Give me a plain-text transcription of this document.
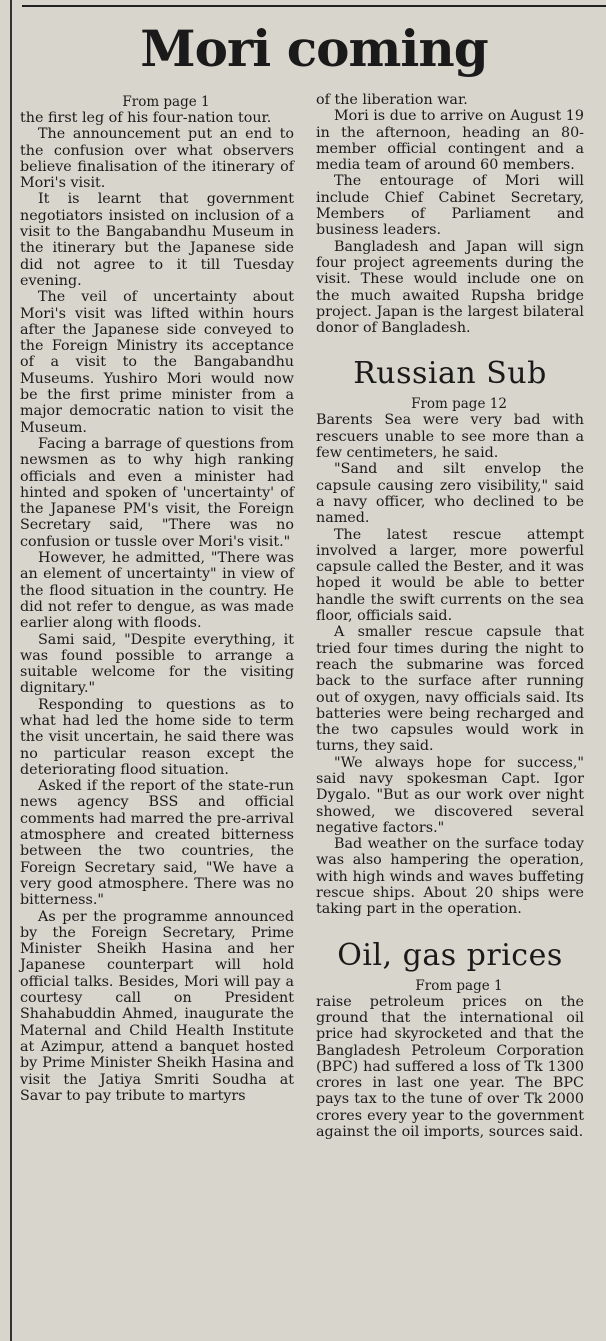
Mori coming

From page 1

the first leg of his four-nation tour.

The announcement put an end to the confusion over what observers believe finalisation of the itinerary of Mori's visit.

It is learnt that government negotiators insisted on inclusion of a visit to the Bangabandhu Museum in the itinerary but the Japanese side did not agree to it till Tuesday evening.

The veil of uncertainty about Mori's visit was lifted within hours after the Japanese side conveyed to the Foreign Ministry its acceptance of a visit to the Bangabandhu Museums. Yushiro Mori would now be the first prime minister from a major democratic nation to visit the Museum.

Facing a barrage of questions from newsmen as to why high ranking officials and even a minister had hinted and spoken of 'uncertainty' of the Japanese PM's visit, the Foreign Secretary said, "There was no confusion or tussle over Mori's visit."

However, he admitted, "There was an element of uncertainty" in view of the flood situation in the country. He did not refer to dengue, as was made earlier along with floods.

Sami said, "Despite everything, it was found possible to arrange a suitable welcome for the visiting dignitary."

Responding to questions as to what had led the home side to term the visit uncertain, he said there was no particular reason except the deteriorating flood situation.

Asked if the report of the state-run news agency BSS and official comments had marred the pre-arrival atmosphere and created bitterness between the two countries, the Foreign Secretary said, "We have a very good atmosphere. There was no bitterness."

As per the programme announced by the Foreign Secretary, Prime Minister Sheikh Hasina and her Japanese counterpart will hold official talks. Besides, Mori will pay a courtesy call on President Shahabuddin Ahmed, inaugurate the Maternal and Child Health Institute at Azimpur, attend a banquet hosted by Prime Minister Sheikh Hasina and visit the Jatiya Smriti Soudha at Savar to pay tribute to martyrs

of the liberation war.

Mori is due to arrive on August 19 in the afternoon, heading an 80-member official contingent and a media team of around 60 members.

The entourage of Mori will include Chief Cabinet Secretary, Members of Parliament and business leaders.

Bangladesh and Japan will sign four project agreements during the visit. These would include one on the much awaited Rupsha bridge project. Japan is the largest bilateral donor of Bangladesh.

Russian Sub

From page 12

Barents Sea were very bad with rescuers unable to see more than a few centimeters, he said.

"Sand and silt envelop the capsule causing zero visibility," said a navy officer, who declined to be named.

The latest rescue attempt involved a larger, more powerful capsule called the Bester, and it was hoped it would be able to better handle the swift currents on the sea floor, officials said.

A smaller rescue capsule that tried four times during the night to reach the submarine was forced back to the surface after running out of oxygen, navy officials said. Its batteries were being recharged and the two capsules would work in turns, they said.

"We always hope for success," said navy spokesman Capt. Igor Dygalo. "But as our work over night showed, we discovered several negative factors."

Bad weather on the surface today was also hampering the operation, with high winds and waves buffeting rescue ships. About 20 ships were taking part in the operation.

Oil, gas prices

From page 1

raise petroleum prices on the ground that the international oil price had skyrocketed and that the Bangladesh Petroleum Corporation (BPC) had suffered a loss of Tk 1300 crores in last one year. The BPC pays tax to the tune of over Tk 2000 crores every year to the government against the oil imports, sources said.
